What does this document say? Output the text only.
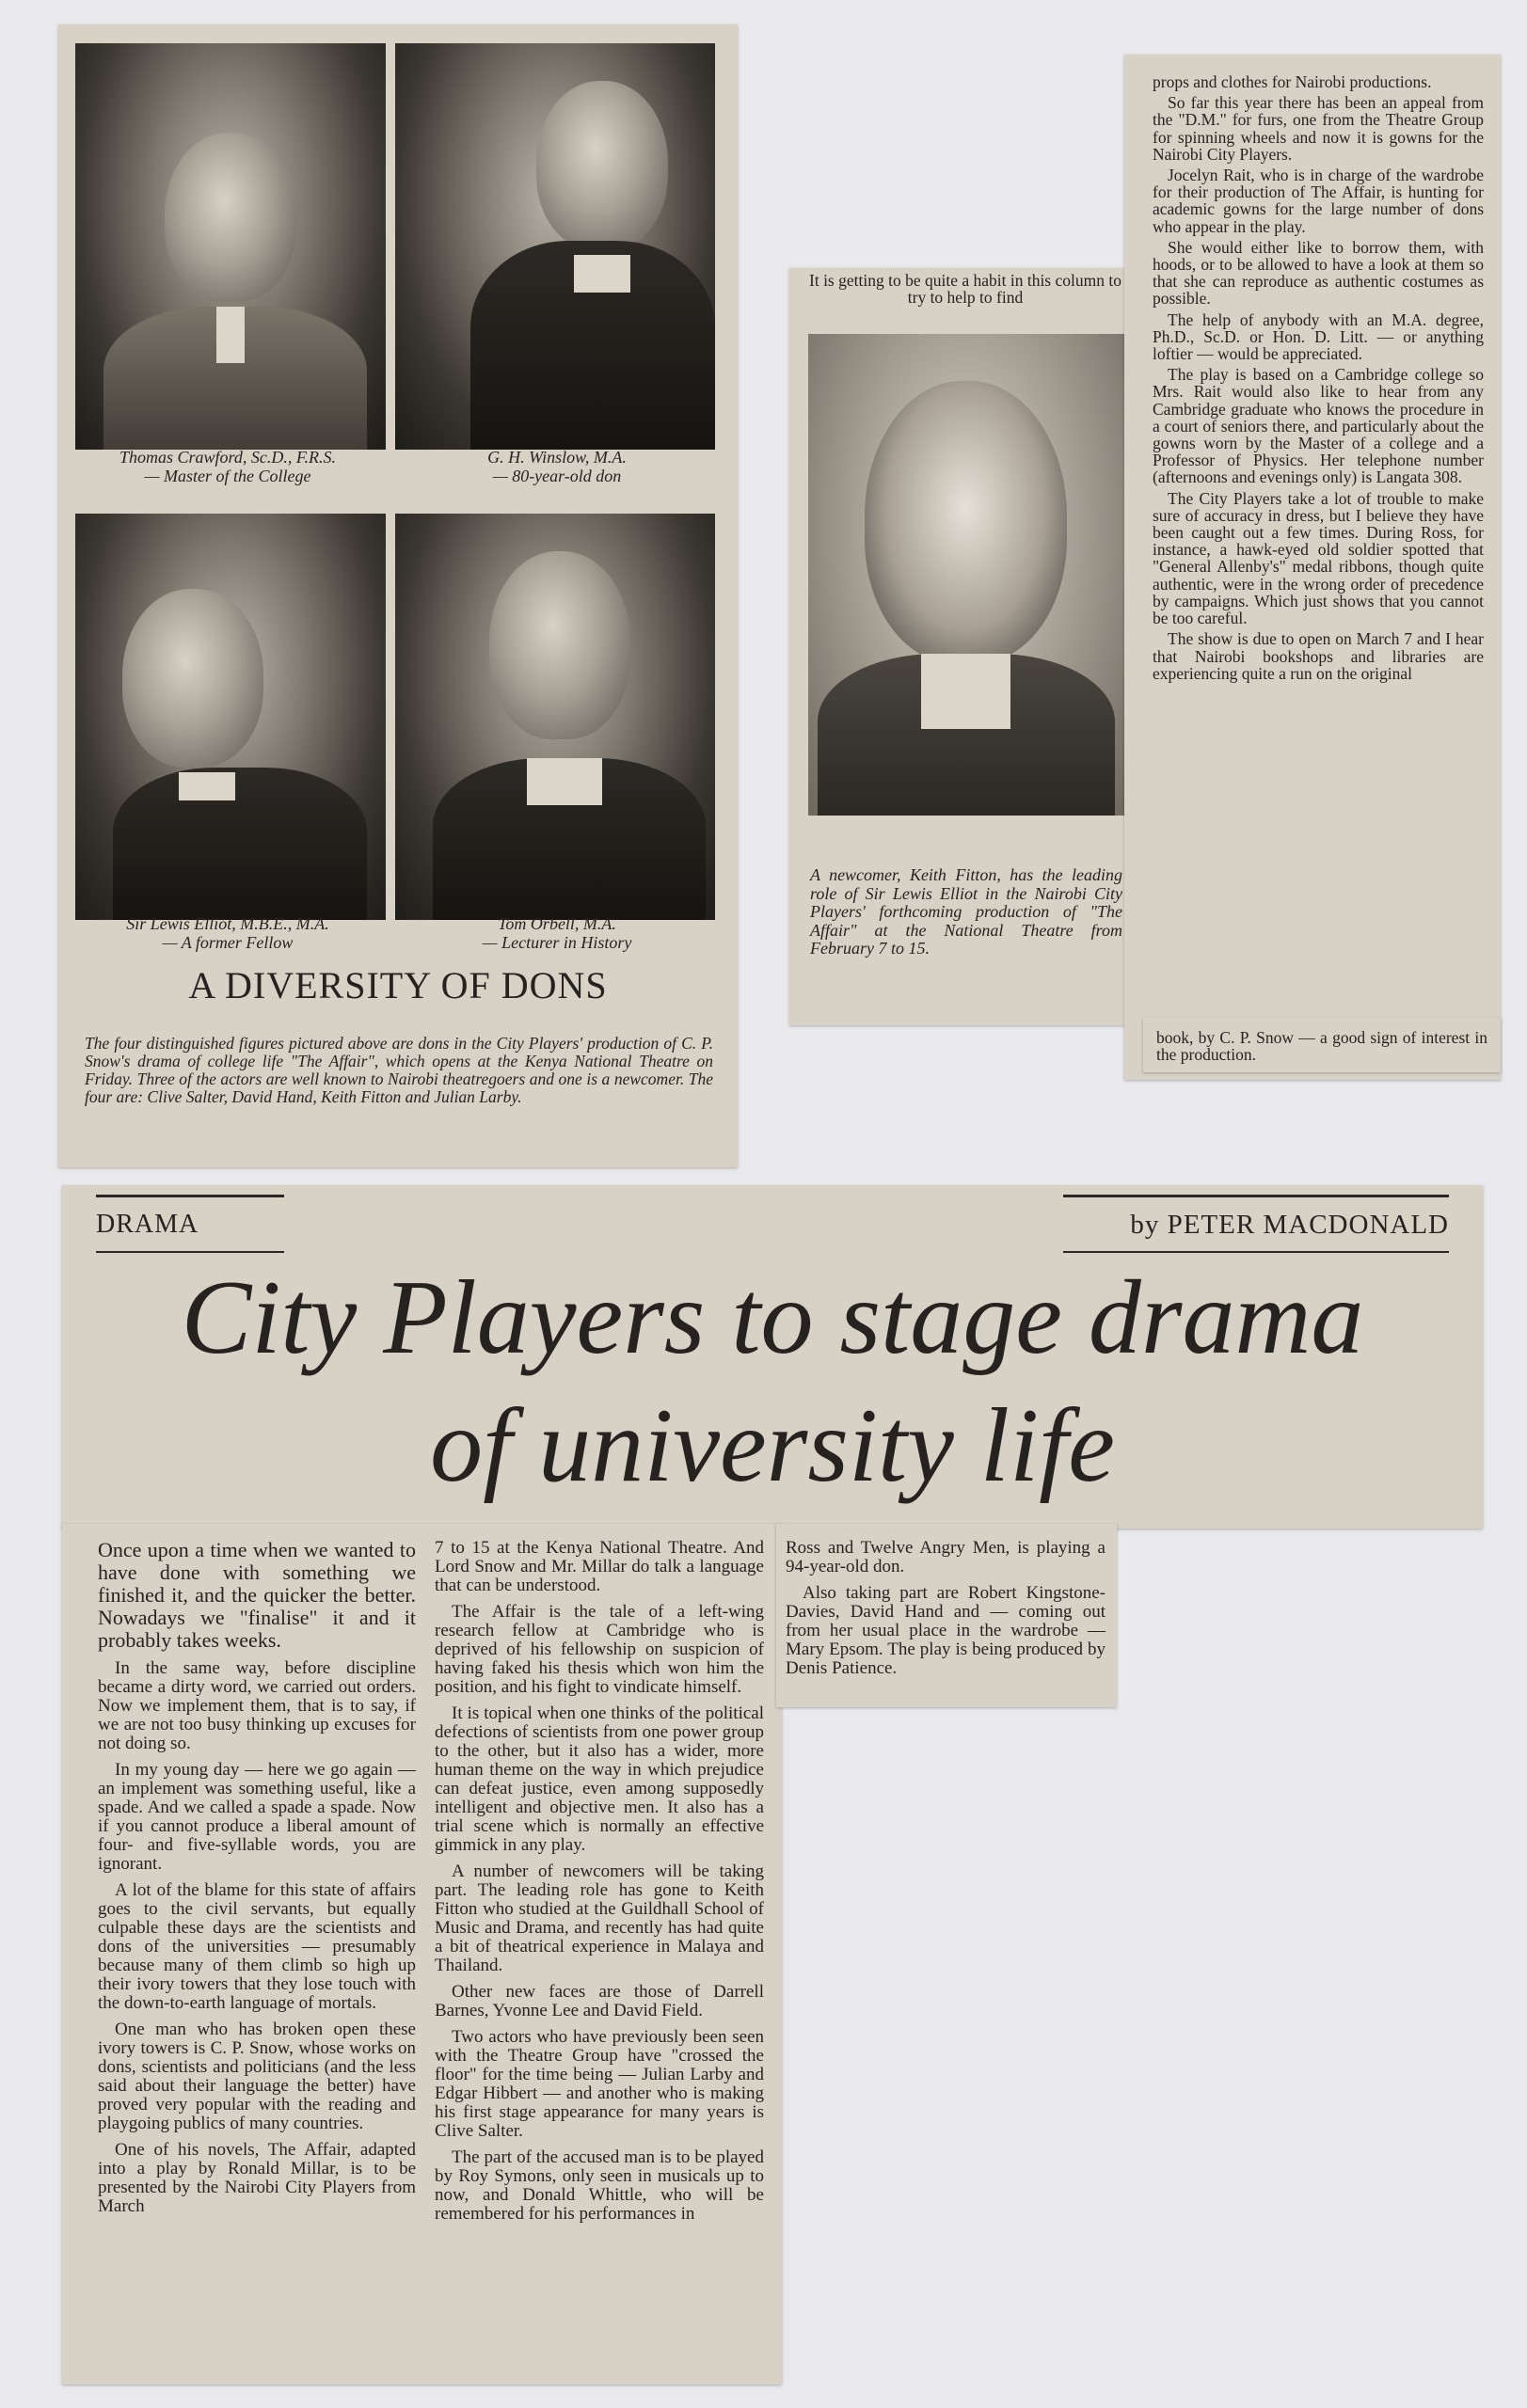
Thomas Crawford, Sc.D., F.R.S.
— Master of the College
G. H. Winslow, M.A.
— 80-year-old don
Sir Lewis Elliot, M.B.E., M.A.
— A former Fellow
Tom Orbell, M.A.
— Lecturer in History
A DIVERSITY OF DONS
The four distinguished figures pictured above are dons in the City Players' production of C. P. Snow's drama of college life "The Affair", which opens at the Kenya National Theatre on Friday. Three of the actors are well known to Nairobi theatregoers and one is a newcomer. The four are: Clive Salter, David Hand, Keith Fitton and Julian Larby.
It is getting to be quite a habit in this column to try to help to find
A newcomer, Keith Fitton, has the leading role of Sir Lewis Elliot in the Nairobi City Players' forthcoming production of "The Affair" at the National Theatre from February 7 to 15.

props and clothes for Nairobi productions.

So far this year there has been an appeal from the "D.M." for furs, one from the Theatre Group for spinning wheels and now it is gowns for the Nairobi City Players.

Jocelyn Rait, who is in charge of the wardrobe for their production of The Affair, is hunting for academic gowns for the large number of dons who appear in the play.

She would either like to borrow them, with hoods, or to be allowed to have a look at them so that she can reproduce as authentic costumes as possible.

The help of anybody with an M.A. degree, Ph.D., Sc.D. or Hon. D. Litt. — or anything loftier — would be appreciated.

The play is based on a Cambridge college so Mrs. Rait would also like to hear from any Cambridge graduate who knows the procedure in a court of seniors there, and particularly about the gowns worn by the Master of a college and a Professor of Physics. Her telephone number (afternoons and evenings only) is Langata 308.

The City Players take a lot of trouble to make sure of accuracy in dress, but I believe they have been caught out a few times. During Ross, for instance, a hawk-eyed old soldier spotted that "General Allenby's" medal ribbons, though quite authentic, were in the wrong order of precedence by campaigns. Which just shows that you cannot be too careful.

The show is due to open on March 7 and I hear that Nairobi bookshops and libraries are experiencing quite a run on the original

book, by C. P. Snow — a good sign of interest in the production.
DRAMA	by PETER MACDONALD
City Players to stage drama
of university life

Once upon a time when we wanted to have done with something we finished it, and the quicker the better. Nowadays we "finalise" it and it probably takes weeks.

In the same way, before discipline became a dirty word, we carried out orders. Now we implement them, that is to say, if we are not too busy thinking up excuses for not doing so.

In my young day — here we go again — an implement was something useful, like a spade. And we called a spade a spade. Now if you cannot produce a liberal amount of four- and five-syllable words, you are ignorant.

A lot of the blame for this state of affairs goes to the civil servants, but equally culpable these days are the scientists and dons of the universities — presumably because many of them climb so high up their ivory towers that they lose touch with the down-to-earth language of mortals.

One man who has broken open these ivory towers is C. P. Snow, whose works on dons, scientists and politicians (and the less said about their language the better) have proved very popular with the reading and playgoing publics of many countries.

One of his novels, The Affair, adapted into a play by Ronald Millar, is to be presented by the Nairobi City Players from March

7 to 15 at the Kenya National Theatre. And Lord Snow and Mr. Millar do talk a language that can be understood.

The Affair is the tale of a left-wing research fellow at Cambridge who is deprived of his fellowship on suspicion of having faked his thesis which won him the position, and his fight to vindicate himself.

It is topical when one thinks of the political defections of scientists from one power group to the other, but it also has a wider, more human theme on the way in which prejudice can defeat justice, even among supposedly intelligent and objective men. It also has a trial scene which is normally an effective gimmick in any play.

A number of newcomers will be taking part. The leading role has gone to Keith Fitton who studied at the Guildhall School of Music and Drama, and recently has had quite a bit of theatrical experience in Malaya and Thailand.

Other new faces are those of Darrell Barnes, Yvonne Lee and David Field.

Two actors who have previously been seen with the Theatre Group have "crossed the floor" for the time being — Julian Larby and Edgar Hibbert — and another who is making his first stage appearance for many years is Clive Salter.

The part of the accused man is to be played by Roy Symons, only seen in musicals up to now, and Donald Whittle, who will be remembered for his performances in

Ross and Twelve Angry Men, is playing a 94-year-old don.

Also taking part are Robert Kingstone-Davies, David Hand and — coming out from her usual place in the wardrobe — Mary Epsom. The play is being produced by Denis Patience.
